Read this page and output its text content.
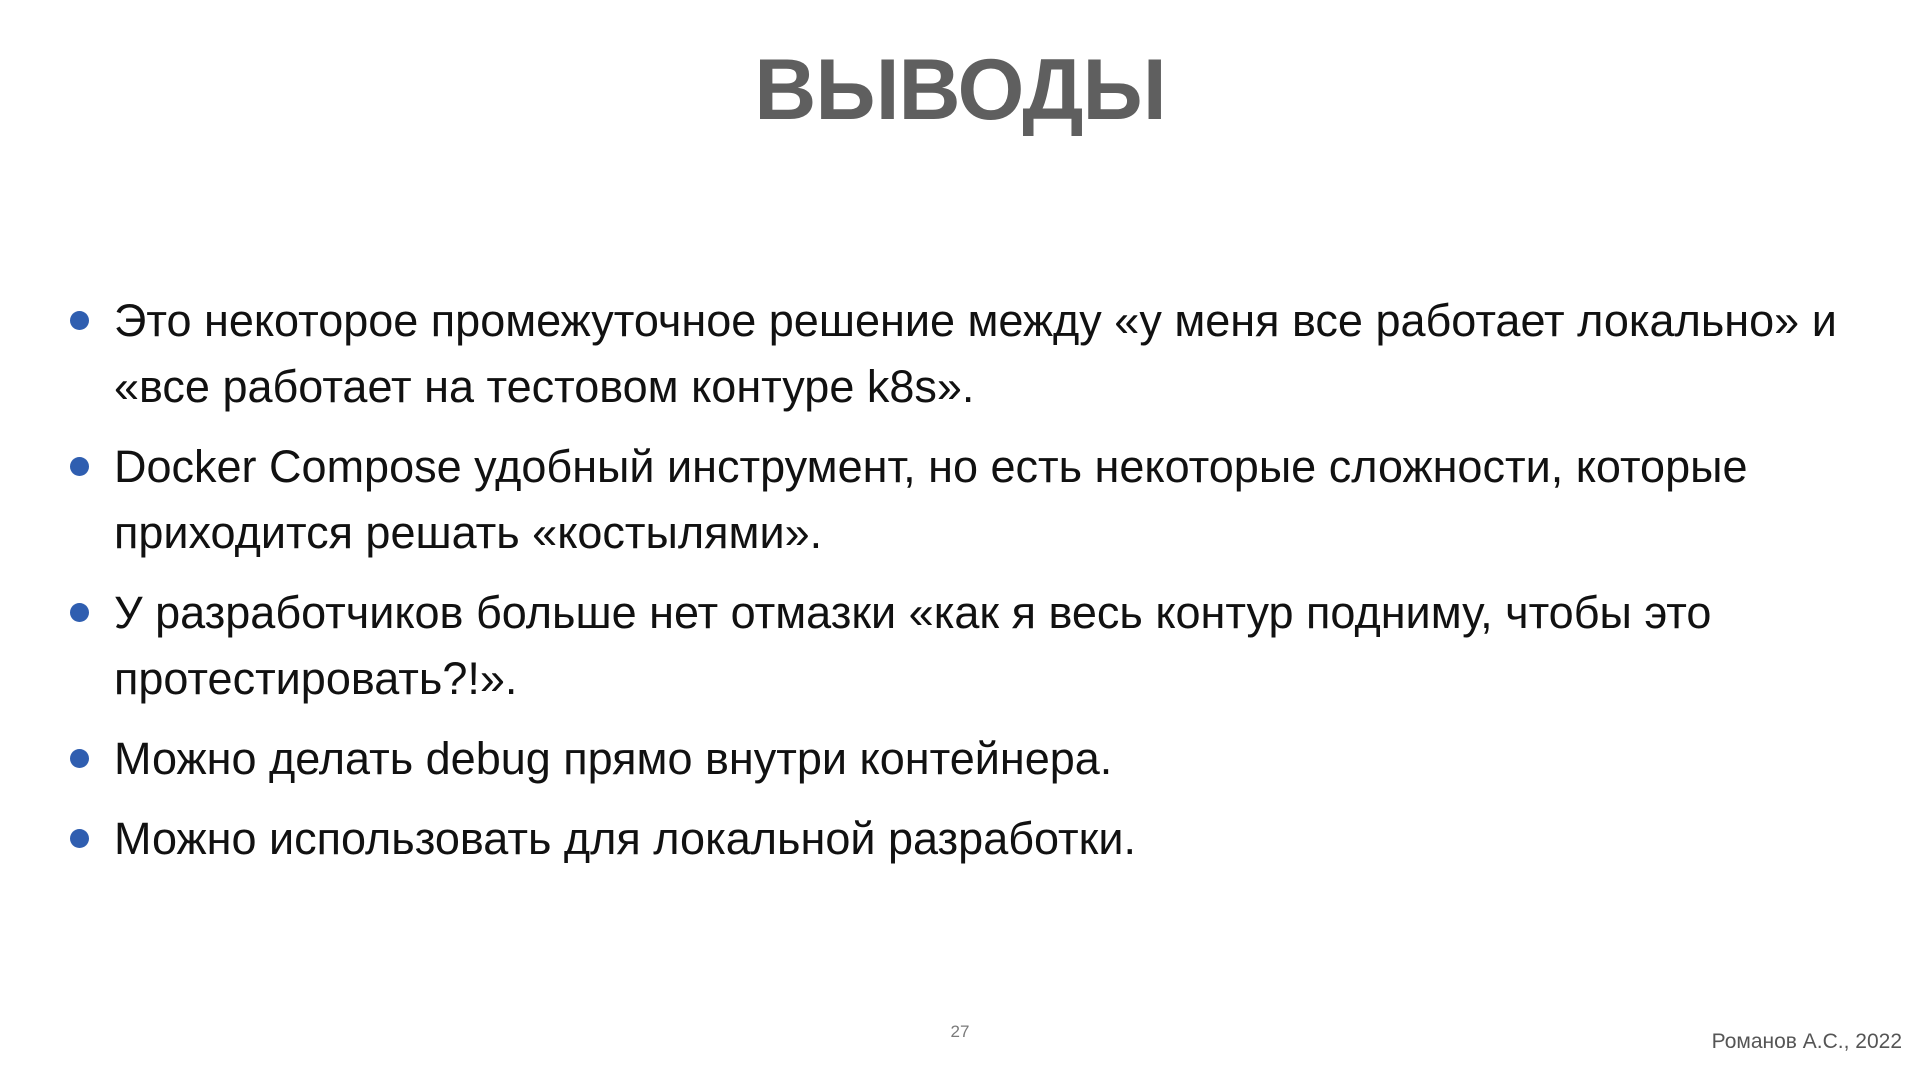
ВЫВОДЫ
Это некоторое промежуточное решение между «у меня все работает локально» и «все работает на тестовом контуре k8s».
Docker Compose удобный инструмент, но есть некоторые сложности, которые приходится решать «костылями».
У разработчиков больше нет отмазки «как я весь контур подниму, чтобы это протестировать?!».
Можно делать debug прямо внутри контейнера.
Можно использовать для локальной разработки.
27	Романов А.С., 2022
